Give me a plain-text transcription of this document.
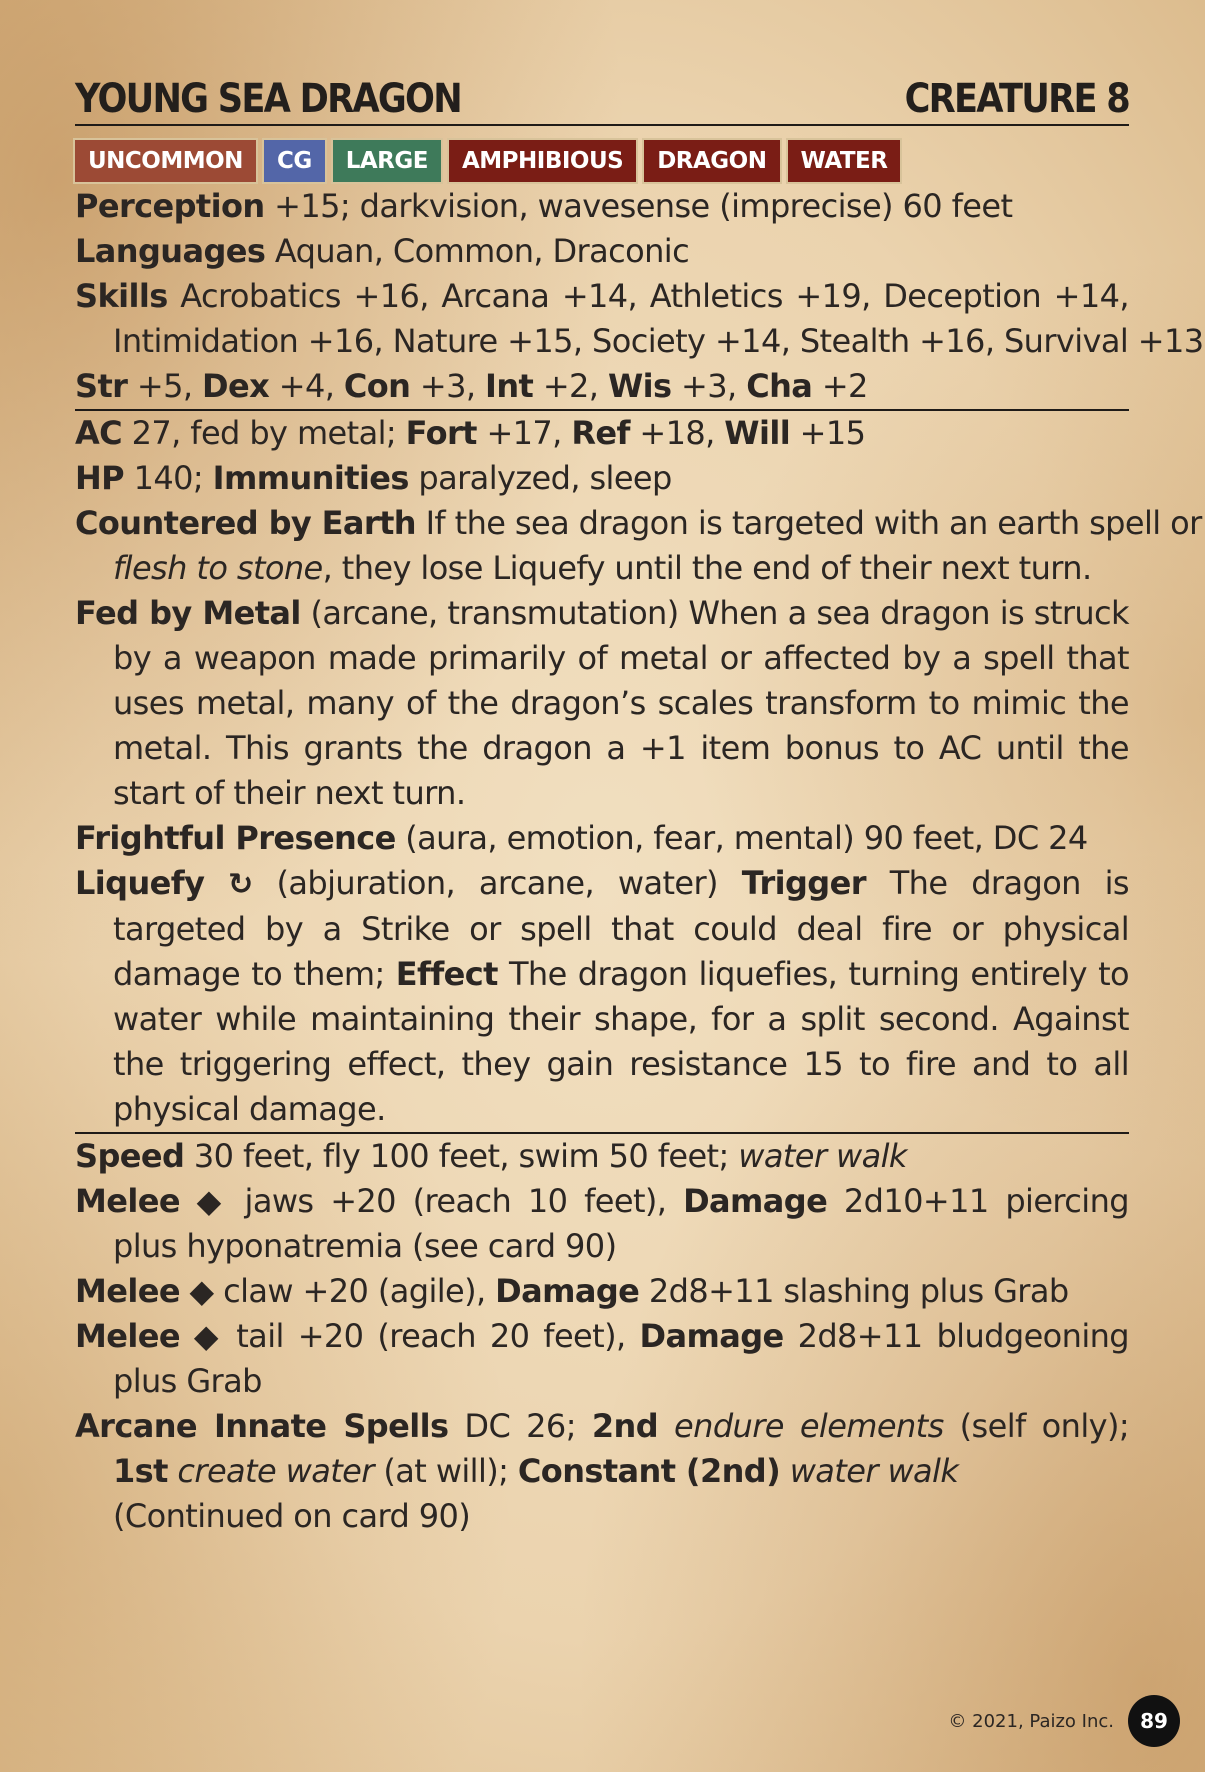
YOUNG SEA DRAGON	CREATURE 8
UNCOMMON	CG	LARGE	AMPHIBIOUS	DRAGON	WATER
Perception +15; darkvision, wavesense (imprecise) 60 feet
Languages Aquan, Common, Draconic
Skills Acrobatics +16, Arcana +14, Athletics +19, Deception +14,
Intimidation +16, Nature +15, Society +14, Stealth +16, Survival +13
Str +5, Dex +4, Con +3, Int +2, Wis +3, Cha +2
AC 27, fed by metal; Fort +17, Ref +18, Will +15
HP 140; Immunities paralyzed, sleep
Countered by Earth If the sea dragon is targeted with an earth spell or
flesh to stone, they lose Liquefy until the end of their next turn.
Fed by Metal (arcane, transmutation) When a sea dragon is struck by a weapon made primarily of metal or affected by a spell that uses metal, many of the dragon’s scales transform to mimic the metal. This grants the dragon a +1 item bonus to AC until the start of their next turn.
Frightful Presence (aura, emotion, fear, mental) 90 feet, DC 24
Liquefy ↻ (abjuration, arcane, water) Trigger The dragon is targeted by a Strike or spell that could deal fire or physical damage to them; Effect The dragon liquefies, turning entirely to water while maintaining their shape, for a split second. Against the triggering effect, they gain resistance 15 to fire and to all physical damage.
Speed 30 feet, fly 100 feet, swim 50 feet; water walk
Melee ◆ jaws +20 (reach 10 feet), Damage 2d10+11 piercing plus hyponatremia (see card 90)
Melee ◆ claw +20 (agile), Damage 2d8+11 slashing plus Grab
Melee ◆ tail +20 (reach 20 feet), Damage 2d8+11 bludgeoning plus Grab
Arcane Innate Spells DC 26; 2nd endure elements (self only); 1st create water (at will); Constant (2nd) water walk
(Continued on card 90)
© 2021, Paizo Inc.	89
